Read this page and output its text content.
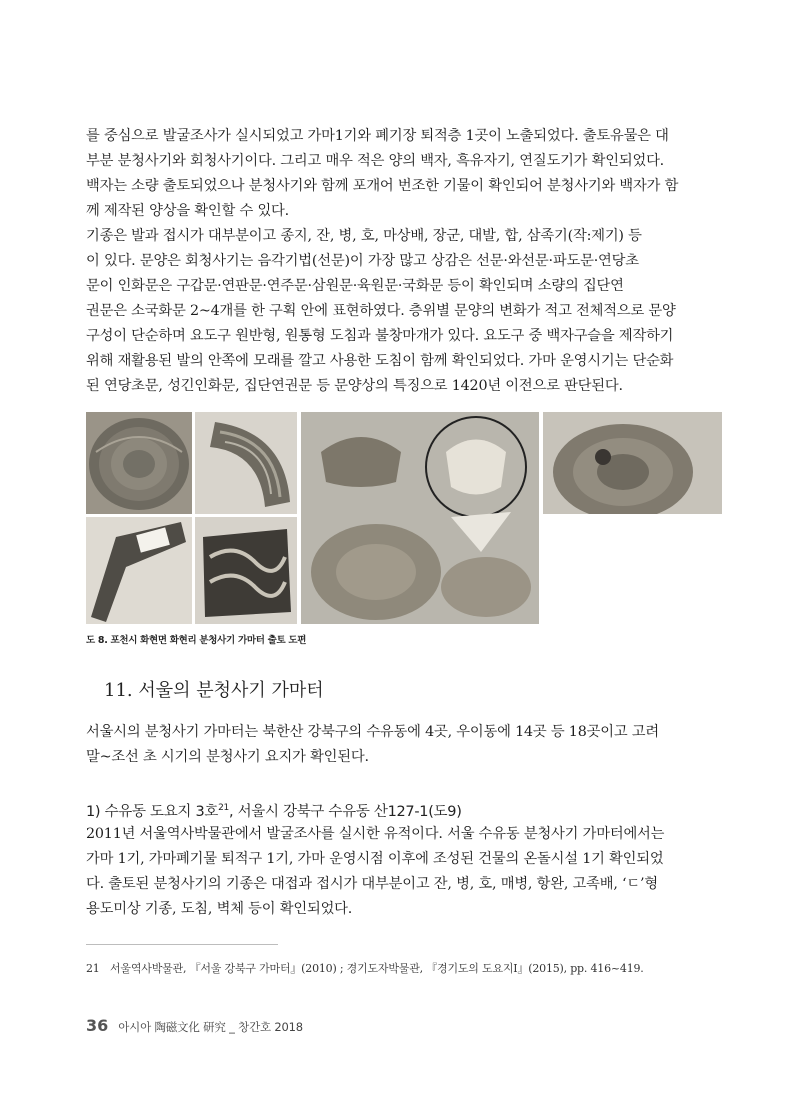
를 중심으로 발굴조사가 실시되었고 가마1기와 폐기장 퇴적층 1곳이 노출되었다. 출토유물은 대
부분 분청사기와 회청사기이다. 그리고 매우 적은 양의 백자, 흑유자기, 연질도기가 확인되었다.
백자는 소량 출토되었으나 분청사기와 함께 포개어 번조한 기물이 확인되어 분청사기와 백자가 함
께 제작된 양상을 확인할 수 있다.

기종은 발과 접시가 대부분이고 종지, 잔, 병, 호, 마상배, 장군, 대발, 합, 삼족기(작:제기) 등
이 있다. 문양은 회청사기는 음각기법(선문)이 가장 많고 상감은 선문·와선문·파도문·연당초
문이 인화문은 구갑문·연판문·연주문·삼원문·육원문·국화문 등이 확인되며 소량의 집단연
권문은 소국화문 2~4개를 한 구획 안에 표현하였다. 층위별 문양의 변화가 적고 전체적으로 문양
구성이 단순하며 요도구 원반형, 원통형 도침과 불창마개가 있다. 요도구 중 백자구슬을 제작하기
위해 재활용된 발의 안쪽에 모래를 깔고 사용한 도침이 함께 확인되었다. 가마 운영시기는 단순화
된 연당초문, 성긴인화문, 집단연권문 등 문양상의 특징으로 1420년 이전으로 판단된다.

도 8. 포천시 화현면 화현리 분청사기 가마터 출토 도편
11. 서울의 분청사기 가마터

서울시의 분청사기 가마터는 북한산 강북구의 수유동에 4곳, 우이동에 14곳 등 18곳이고 고려
말~조선 초 시기의 분청사기 요지가 확인된다.

1) 수유동 도요지 3호$^{21}$, 서울시 강북구 수유동 산127-1(도9)

2011년 서울역사박물관에서 발굴조사를 실시한 유적이다. 서울 수유동 분청사기 가마터에서는
가마 1기, 가마폐기물 퇴적구 1기, 가마 운영시점 이후에 조성된 건물의 온돌시설 1기 확인되었
다. 출토된 분청사기의 기종은 대접과 접시가 대부분이고 잔, 병, 호, 매병, 항완, 고족배, ‘ㄷ’형
용도미상 기종, 도침, 벽체 등이 확인되었다.

21 서울역사박물관, 『서울 강북구 가마터』(2010) ; 경기도자박물관, 『경기도의 도요지Ⅰ』(2015), pp. 416~419.
36 아시아 陶磁文化 研究 _ 창간호 2018
